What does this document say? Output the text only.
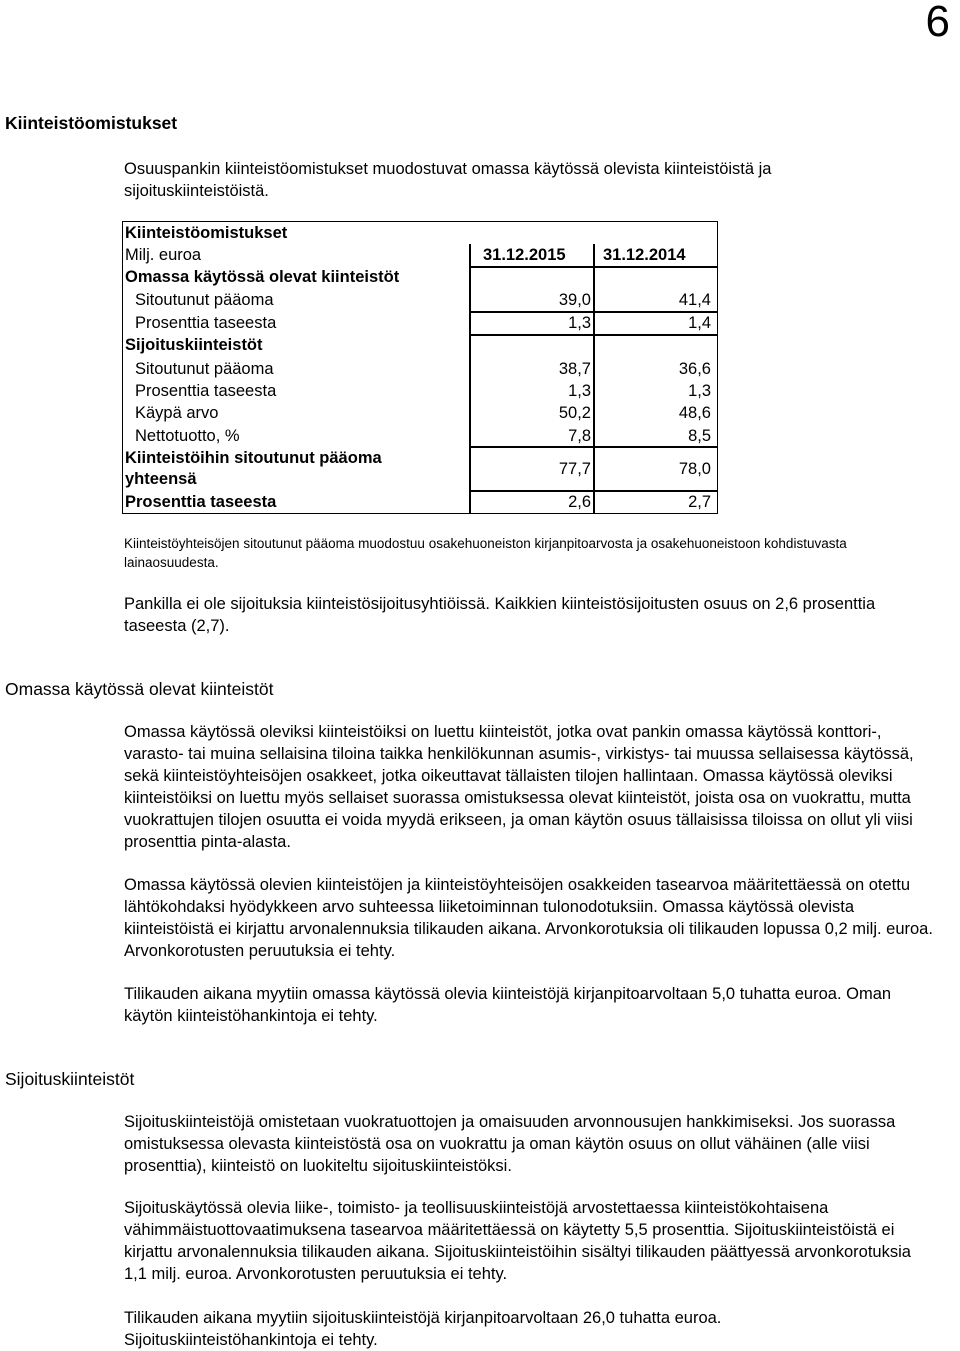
6
Kiinteistöomistukset
Osuuspankin kiinteistöomistukset muodostuvat omassa käytössä olevista kiinteistöistä ja sijoituskiinteistöistä.
Kiinteistöomistukset
Milj. euroa	31.12.2015 31.12.2014
Omassa käytössä olevat kiinteistöt
Sitoutunut pääoma	39,0	41,4
Prosenttia taseesta	1,3	1,4
Sijoituskiinteistöt
Sitoutunut pääoma	38,7	36,6
Prosenttia taseesta	1,3	1,3
Käypä arvo	50,2	48,6
Nettotuotto, %	7,8	8,5
Kiinteistöihin sitoutunut pääoma
yhteensä
77,7	78,0
Prosenttia taseesta	2,6	2,7
Kiinteistöyhteisöjen sitoutunut pääoma muodostuu osakehuoneiston kirjanpitoarvosta ja osakehuoneistoon kohdistuvasta lainaosuudesta.
Pankilla ei ole sijoituksia kiinteistösijoitusyhtiöissä. Kaikkien kiinteistösijoitusten osuus on 2,6 prosenttia taseesta (2,7).
Omassa käytössä olevat kiinteistöt
Omassa käytössä oleviksi kiinteistöiksi on luettu kiinteistöt, jotka ovat pankin omassa käytössä konttori-, varasto- tai muina sellaisina tiloina taikka henkilökunnan asumis-, virkistys- tai muussa sellaisessa käytössä, sekä kiinteistöyhteisöjen osakkeet, jotka oikeuttavat tällaisten tilojen hallintaan. Omassa käytössä oleviksi kiinteistöiksi on luettu myös sellaiset suorassa omistuksessa olevat kiinteistöt, joista osa on vuokrattu, mutta vuokrattujen tilojen osuutta ei voida myydä erikseen, ja oman käytön osuus tällaisissa tiloissa on ollut yli viisi prosenttia pinta-alasta.
Omassa käytössä olevien kiinteistöjen ja kiinteistöyhteisöjen osakkeiden tasearvoa määritettäessä on otettu lähtökohdaksi hyödykkeen arvo suhteessa liiketoiminnan tulonodotuksiin. Omassa käytössä olevista kiinteistöistä ei kirjattu arvonalennuksia tilikauden aikana. Arvonkorotuksia oli tilikauden lopussa 0,2 milj. euroa. Arvonkorotusten peruutuksia ei tehty.
Tilikauden aikana myytiin omassa käytössä olevia kiinteistöjä kirjanpitoarvoltaan 5,0 tuhatta euroa. Oman käytön kiinteistöhankintoja ei tehty.
Sijoituskiinteistöt
Sijoituskiinteistöjä omistetaan vuokratuottojen ja omaisuuden arvonnousujen hankkimiseksi. Jos suorassa omistuksessa olevasta kiinteistöstä osa on vuokrattu ja oman käytön osuus on ollut vähäinen (alle viisi prosenttia), kiinteistö on luokiteltu sijoituskiinteistöksi.
Sijoituskäytössä olevia liike-, toimisto- ja teollisuuskiinteistöjä arvostettaessa kiinteistökohtaisena vähimmäistuottovaatimuksena tasearvoa määritettäessä on käytetty 5,5 prosenttia. Sijoituskiinteistöistä ei kirjattu arvonalennuksia tilikauden aikana. Sijoituskiinteistöihin sisältyi tilikauden päättyessä arvonkorotuksia 1,1 milj. euroa. Arvonkorotusten peruutuksia ei tehty.
Tilikauden aikana myytiin sijoituskiinteistöjä kirjanpitoarvoltaan 26,0 tuhatta euroa. Sijoituskiinteistöhankintoja ei tehty.
